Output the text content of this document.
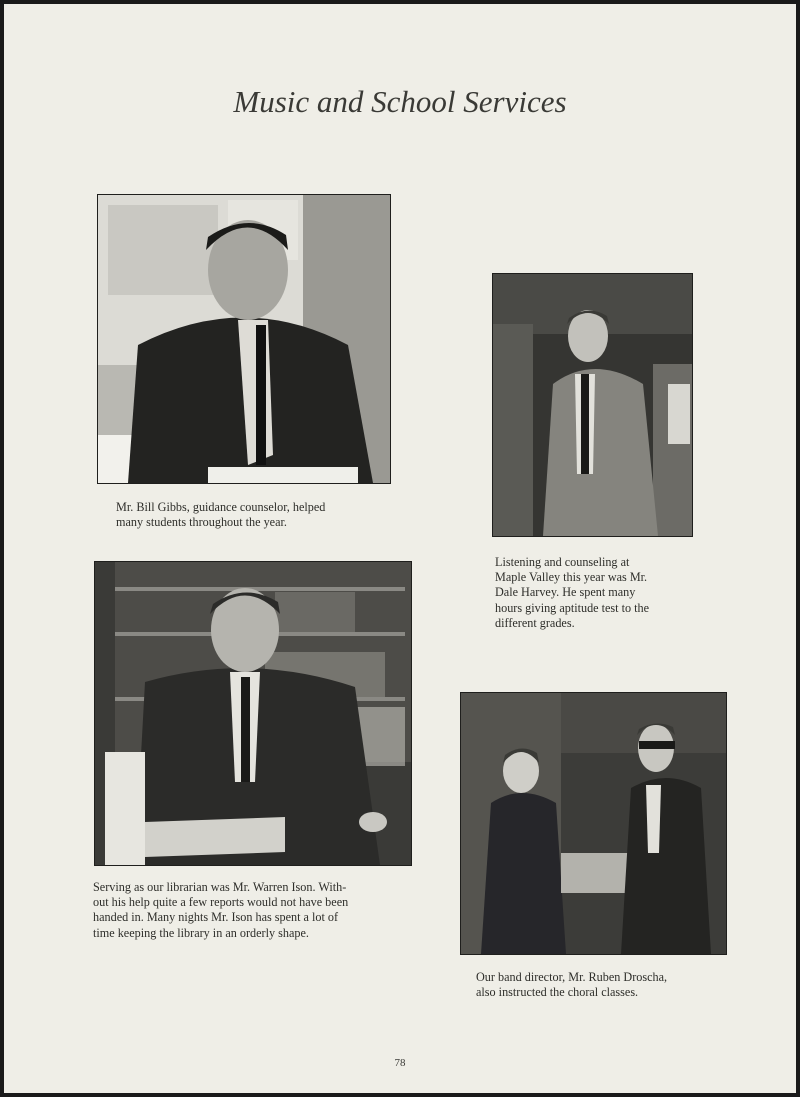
Music and School Services
Mr. Bill Gibbs, guidance counselor, helped
many students throughout the year.
Listening and counseling at
Maple Valley this year was Mr.
Dale Harvey. He spent many
hours giving aptitude test to the
different grades.
Serving as our librarian was Mr. Warren Ison. With-
out his help quite a few reports would not have been
handed in. Many nights Mr. Ison has spent a lot of
time keeping the library in an orderly shape.
Our band director, Mr. Ruben Droscha,
also instructed the choral classes.
78
